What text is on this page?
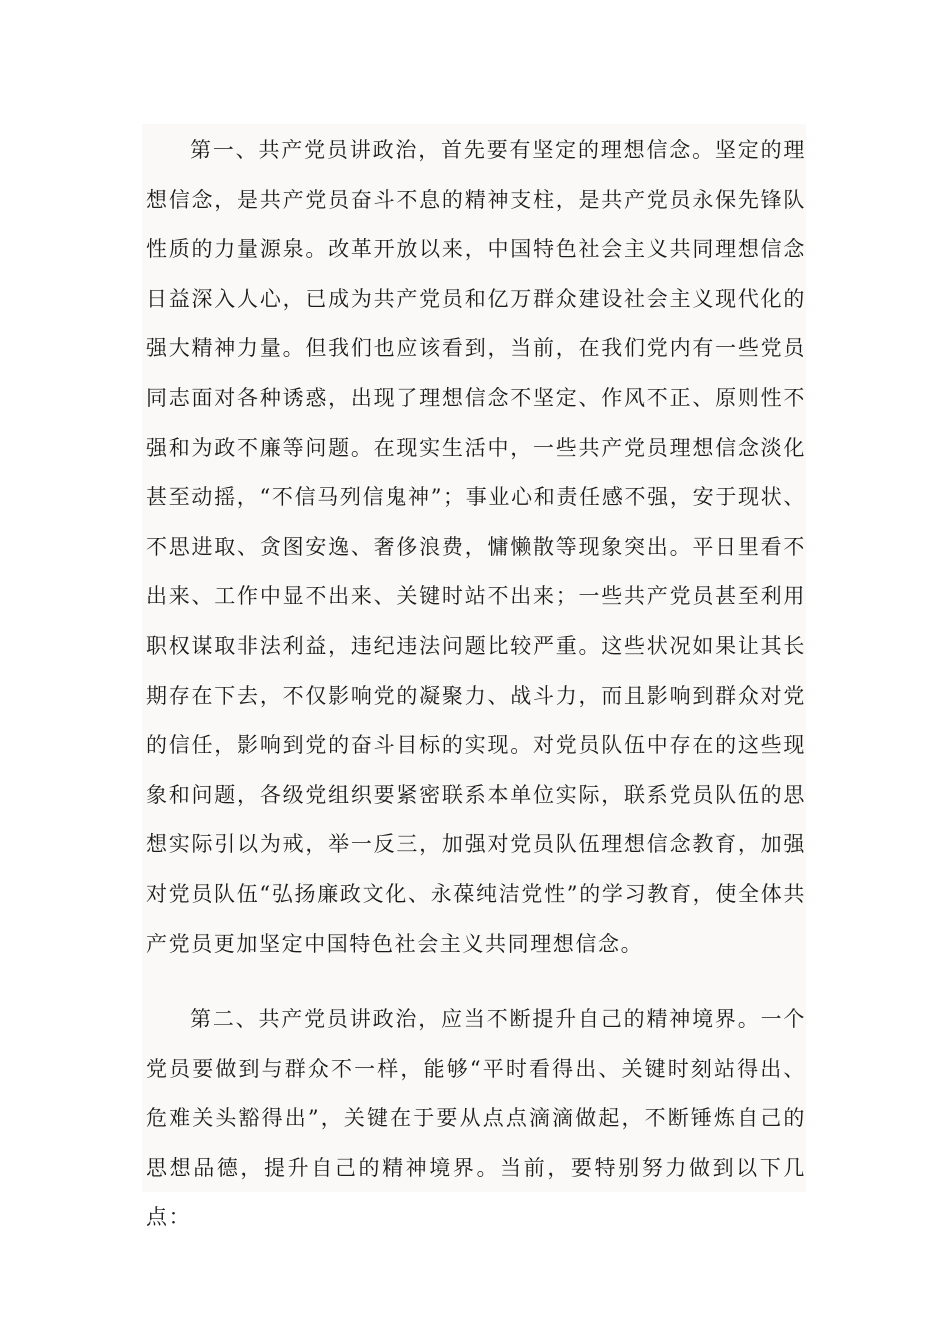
第一、共产党员讲政治，首先要有坚定的理想信念。坚定的理想信念，是共产党员奋斗不息的精神支柱，是共产党员永保先锋队性质的力量源泉。改革开放以来，中国特色社会主义共同理想信念日益深入人心，已成为共产党员和亿万群众建设社会主义现代化的强大精神力量。但我们也应该看到，当前，在我们党内有一些党员同志面对各种诱惑，出现了理想信念不坚定、作风不正、原则性不强和为政不廉等问题。在现实生活中，一些共产党员理想信念淡化甚至动摇，“不信马列信鬼神”；事业心和责任感不强，安于现状、不思进取、贪图安逸、奢侈浪费，慵懒散等现象突出。平日里看不出来、工作中显不出来、关键时站不出来；一些共产党员甚至利用职权谋取非法利益，违纪违法问题比较严重。这些状况如果让其长期存在下去，不仅影响党的凝聚力、战斗力，而且影响到群众对党的信任，影响到党的奋斗目标的实现。对党员队伍中存在的这些现象和问题，各级党组织要紧密联系本单位实际，联系党员队伍的思想实际引以为戒，举一反三，加强对党员队伍理想信念教育，加强对党员队伍“弘扬廉政文化、永葆纯洁党性”的学习教育，使全体共产党员更加坚定中国特色社会主义共同理想信念。

第二、共产党员讲政治，应当不断提升自己的精神境界。一个党员要做到与群众不一样，能够“平时看得出、关键时刻站得出、危难关头豁得出”，关键在于要从点点滴滴做起，不断锤炼自己的思想品德，提升自己的精神境界。当前，要特别努力做到以下几点：
